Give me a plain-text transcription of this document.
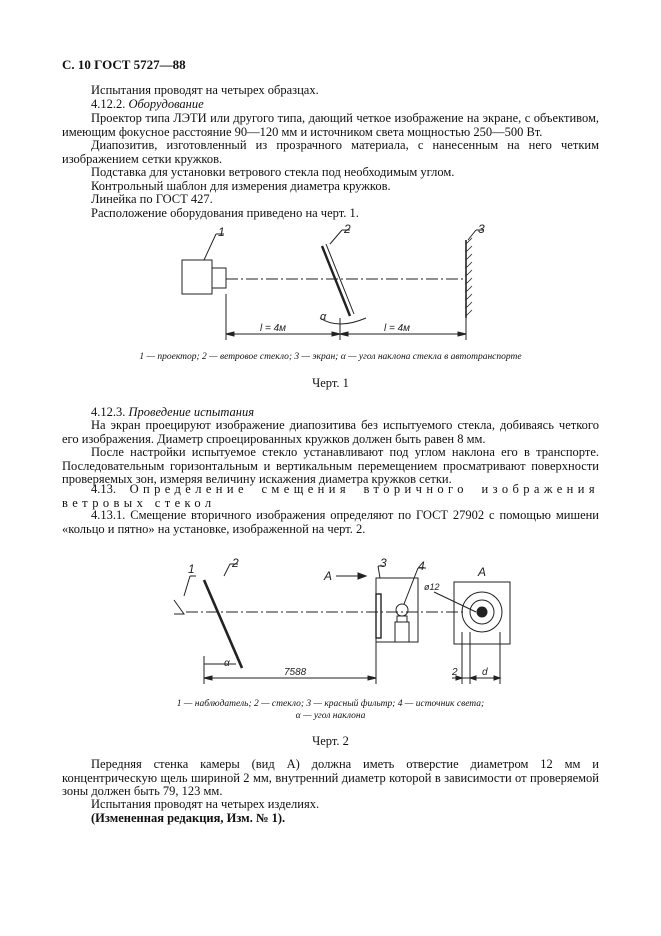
С. 10 ГОСТ 5727—88
Испытания проводят на четырех образцах.
4.12.2. Оборудование
Проектор типа ЛЭТИ или другого типа, дающий четкое изображение на экране, с объективом, имеющим фокусное расстояние 90—120 мм и источником света мощностью 250—500 Вт.
Диапозитив, изготовленный из прозрачного материала, с нанесенным на него четким изображением сетки кружков.
Подставка для установки ветрового стекла под необходимым углом.
Контрольный шаблон для измерения диаметра кружков.
Линейка по ГОСТ 427.
Расположение оборудования приведено на черт. 1.
1	2	3
α
l = 4м	l = 4м
1 — проектор; 2 — ветровое стекло; 3 — экран; α — угол наклона стекла в автотранспорте
Черт. 1
4.12.3. Проведение испытания
На экран проецируют изображение диапозитива без испытуемого стекла, добиваясь четкого его изображения. Диаметр спроецированных кружков должен быть равен 8 мм.
После настройки испытуемое стекло устанавливают под углом наклона его в транспорте. Последовательным горизонтальным и вертикальным перемещением просматривают поверхности проверяемых зон, измеряя величину искажения диаметра кружков сетки.
4.13. Определение смещения вторичного изображения ветровых стекол
4.13.1. Смещение вторичного изображения определяют по ГОСТ 27902 с помощью мишени «кольцо и пятно» на установке, изображенной на черт. 2.
1	2
А
3	4	А
ø12
α
7588	2 d
1 — наблюдатель; 2 — стекло; 3 — красный фильтр; 4 — источник света;
α — угол наклона
Черт. 2
Передняя стенка камеры (вид А) должна иметь отверстие диаметром 12 мм и концентрическую щель шириной 2 мм, внутренний диаметр которой в зависимости от проверяемой зоны должен быть 79, 123 мм.
Испытания проводят на четырех изделиях.
(Измененная редакция, Изм. № 1).
